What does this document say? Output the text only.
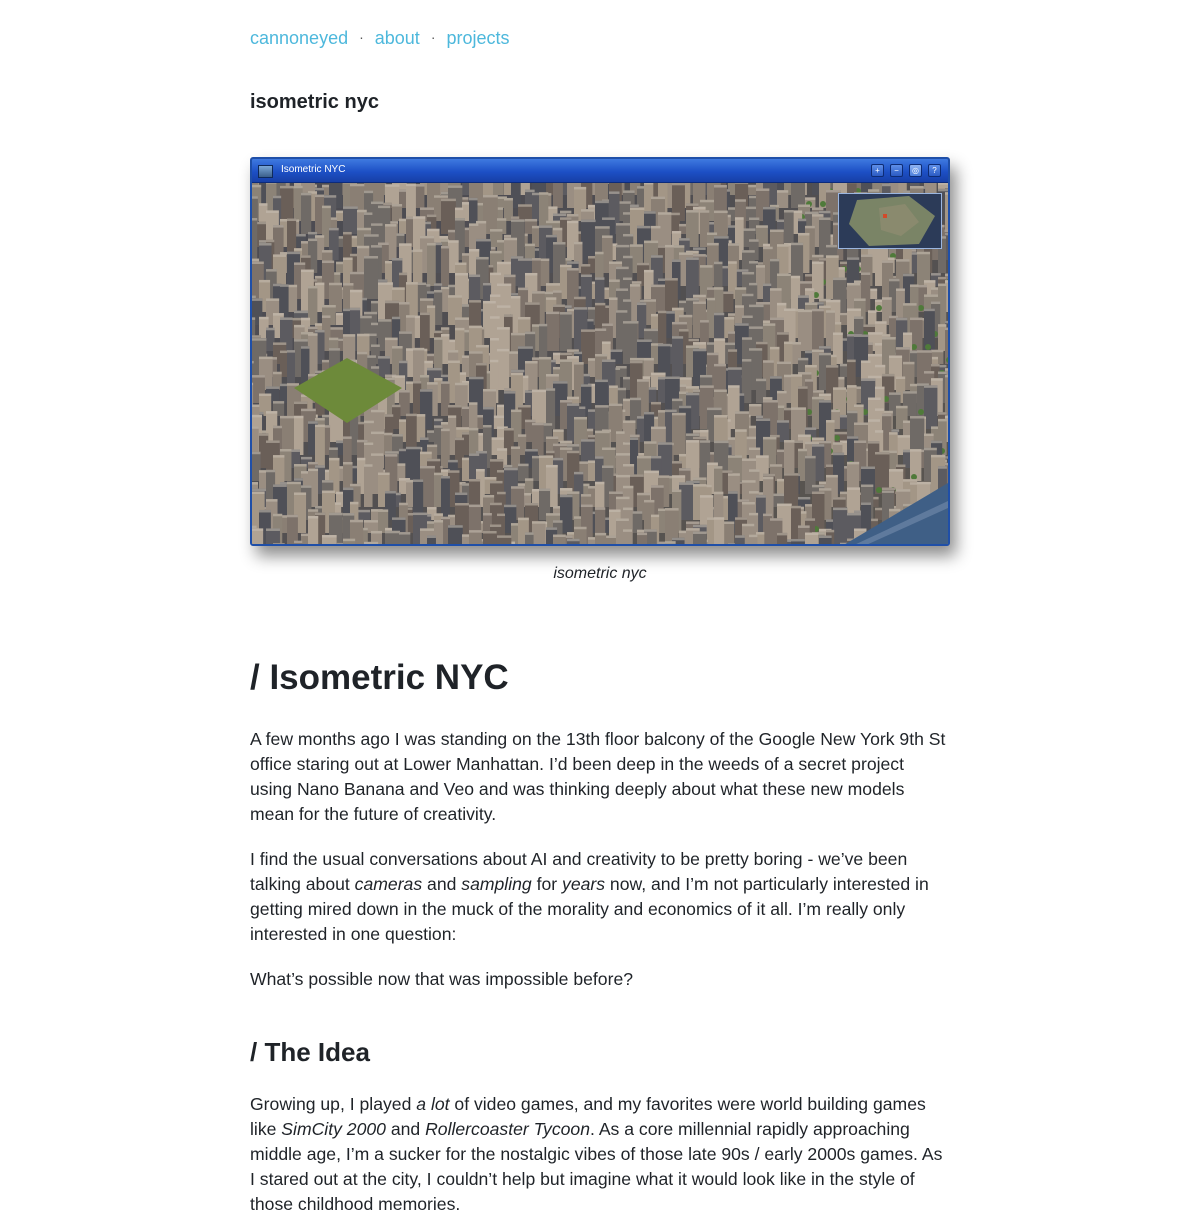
cannoneyed · about · projects
isometric nyc
Isometric NYC	+	−	◎	?
isometric nyc
/ Isometric NYC

A few months ago I was standing on the 13th floor balcony of the Google New York 9th St office staring out at Lower Manhattan. I’d been deep in the weeds of a secret project using Nano Banana and Veo and was thinking deeply about what these new models mean for the future of creativity.

I find the usual conversations about AI and creativity to be pretty boring - we’ve been talking about cameras and sampling for years now, and I’m not particularly interested in getting mired down in the muck of the morality and economics of it all. I’m really only interested in one question:

What’s possible now that was impossible before?

/ The Idea

Growing up, I played a lot of video games, and my favorites were world building games like SimCity 2000 and Rollercoaster Tycoon. As a core millennial rapidly approaching middle age, I’m a sucker for the nostalgic vibes of those late 90s / early 2000s games. As I stared out at the city, I couldn’t help but imagine what it would look like in the style of those childhood memories.
